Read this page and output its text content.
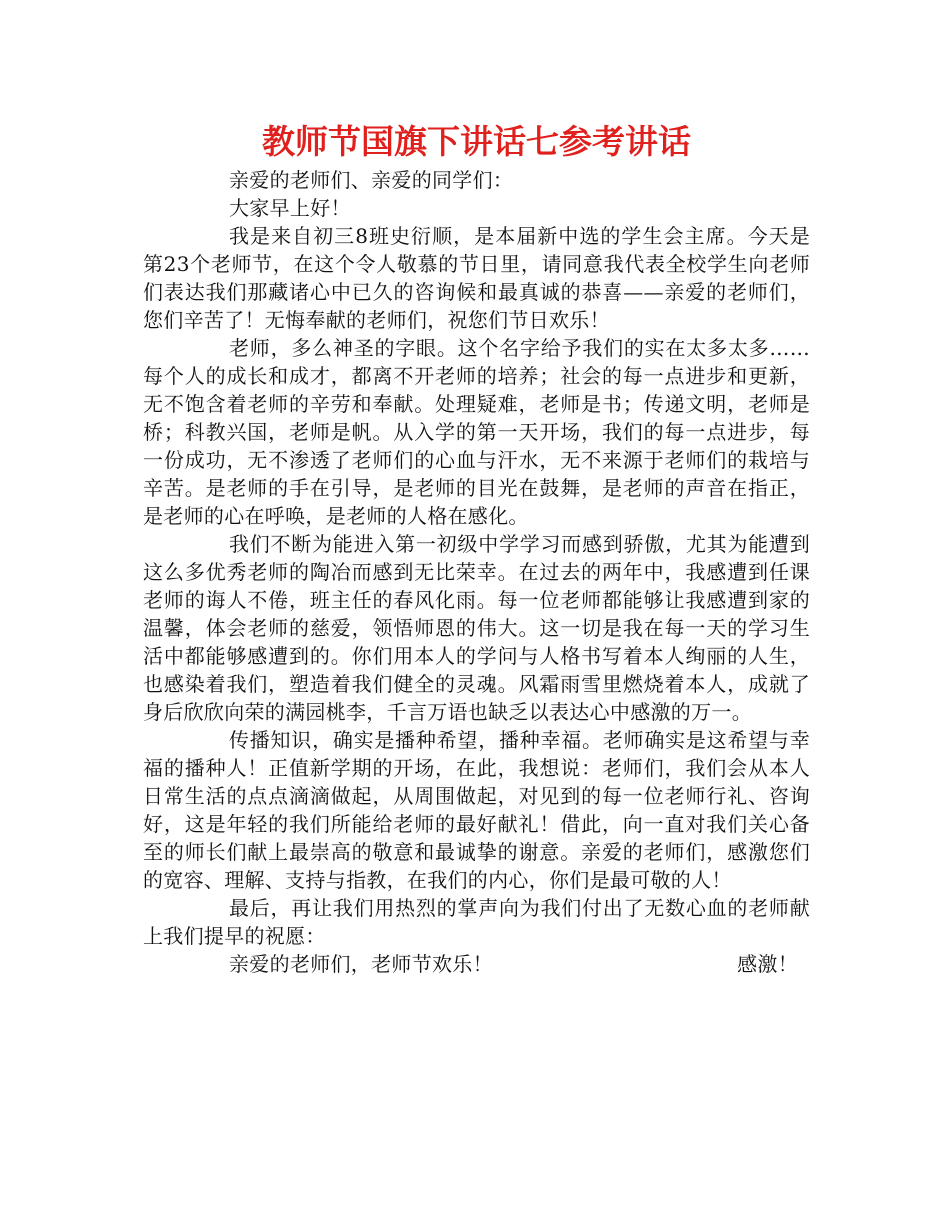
教师节国旗下讲话七参考讲话

亲爱的老师们、亲爱的同学们：

大家早上好！

我是来自初三8班史衍顺，是本届新中选的学生会主席。今天是第23个老师节，在这个令人敬慕的节日里，请同意我代表全校学生向老师们表达我们那藏诸心中已久的咨询候和最真诚的恭喜——亲爱的老师们，您们辛苦了！无悔奉献的老师们，祝您们节日欢乐！

老师，多么神圣的字眼。这个名字给予我们的实在太多太多……每个人的成长和成才，都离不开老师的培养；社会的每一点进步和更新，无不饱含着老师的辛劳和奉献。处理疑难，老师是书；传递文明，老师是桥；科教兴国，老师是帆。从入学的第一天开场，我们的每一点进步，每一份成功，无不渗透了老师们的心血与汗水，无不来源于老师们的栽培与辛苦。是老师的手在引导，是老师的目光在鼓舞，是老师的声音在指正，是老师的心在呼唤，是老师的人格在感化。

我们不断为能进入第一初级中学学习而感到骄傲，尤其为能遭到这么多优秀老师的陶冶而感到无比荣幸。在过去的两年中，我感遭到任课老师的诲人不倦，班主任的春风化雨。每一位老师都能够让我感遭到家的温馨，体会老师的慈爱，领悟师恩的伟大。这一切是我在每一天的学习生活中都能够感遭到的。你们用本人的学问与人格书写着本人绚丽的人生，也感染着我们，塑造着我们健全的灵魂。风霜雨雪里燃烧着本人，成就了身后欣欣向荣的满园桃李，千言万语也缺乏以表达心中感激的万一。

传播知识，确实是播种希望，播种幸福。老师确实是这希望与幸福的播种人！正值新学期的开场，在此，我想说：老师们，我们会从本人日常生活的点点滴滴做起，从周围做起，对见到的每一位老师行礼、咨询好，这是年轻的我们所能给老师的最好献礼！借此，向一直对我们关心备至的师长们献上最崇高的敬意和最诚挚的谢意。亲爱的老师们，感激您们的宽容、理解、支持与指教，在我们的内心，你们是最可敬的人！

最后，再让我们用热烈的掌声向为我们付出了无数心血的老师献上我们提早的祝愿：

亲爱的老师们，老师节欢乐！	感激！
